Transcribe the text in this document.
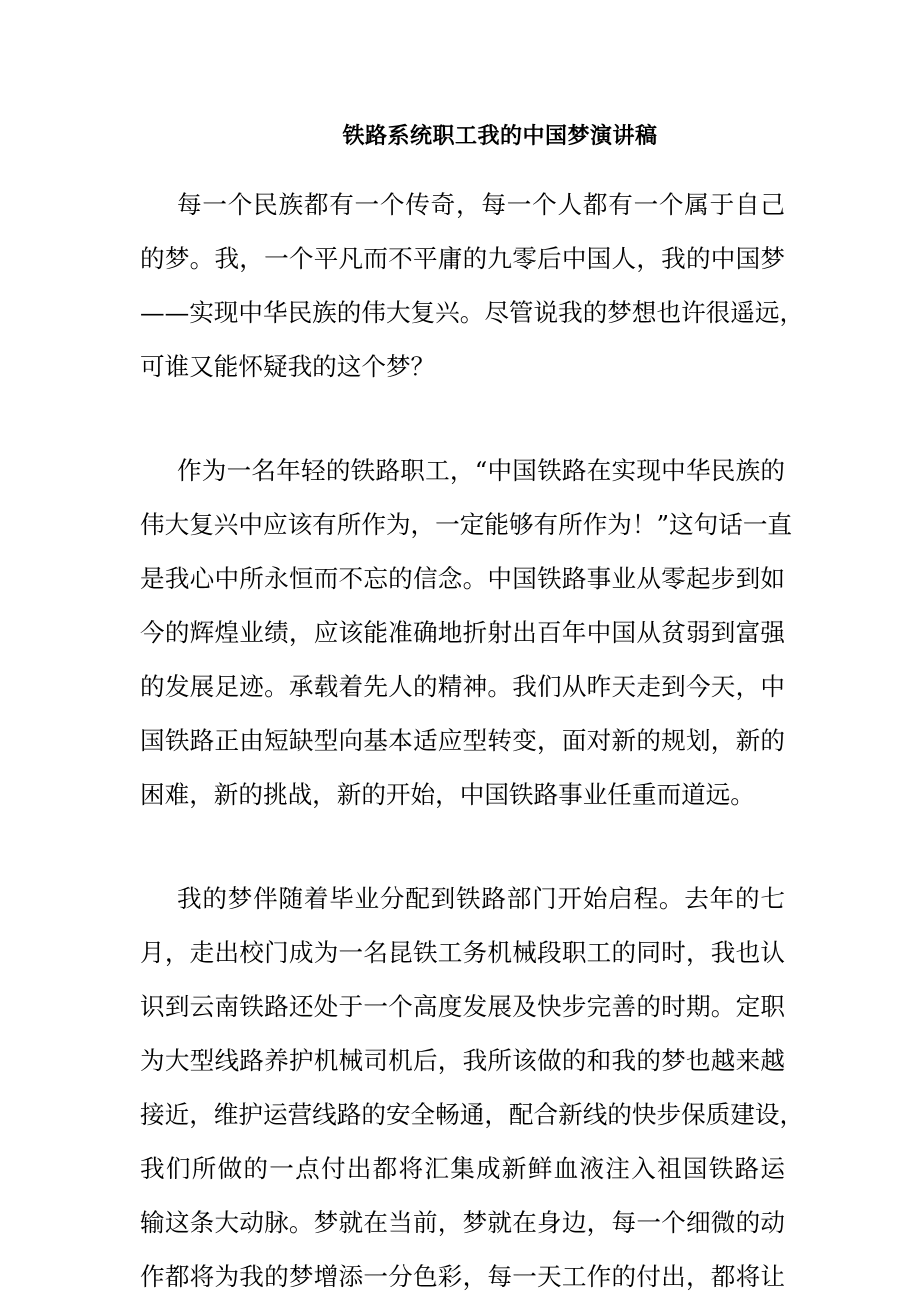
铁路系统职工我的中国梦演讲稿
每一个民族都有一个传奇，每一个人都有一个属于自己
的梦。我，一个平凡而不平庸的九零后中国人，我的中国梦
——实现中华民族的伟大复兴。尽管说我的梦想也许很遥远，
可谁又能怀疑我的这个梦？
作为一名年轻的铁路职工，“中国铁路在实现中华民族的
伟大复兴中应该有所作为，一定能够有所作为！”这句话一直
是我心中所永恒而不忘的信念。中国铁路事业从零起步到如
今的辉煌业绩，应该能准确地折射出百年中国从贫弱到富强
的发展足迹。承载着先人的精神。我们从昨天走到今天，中
国铁路正由短缺型向基本适应型转变，面对新的规划，新的
困难，新的挑战，新的开始，中国铁路事业任重而道远。
我的梦伴随着毕业分配到铁路部门开始启程。去年的七
月，走出校门成为一名昆铁工务机械段职工的同时，我也认
识到云南铁路还处于一个高度发展及快步完善的时期。定职
为大型线路养护机械司机后，我所该做的和我的梦也越来越
接近，维护运营线路的安全畅通，配合新线的快步保质建设，
我们所做的一点付出都将汇集成新鲜血液注入祖国铁路运
输这条大动脉。梦就在当前，梦就在身边，每一个细微的动
作都将为我的梦增添一分色彩，每一天工作的付出，都将让
